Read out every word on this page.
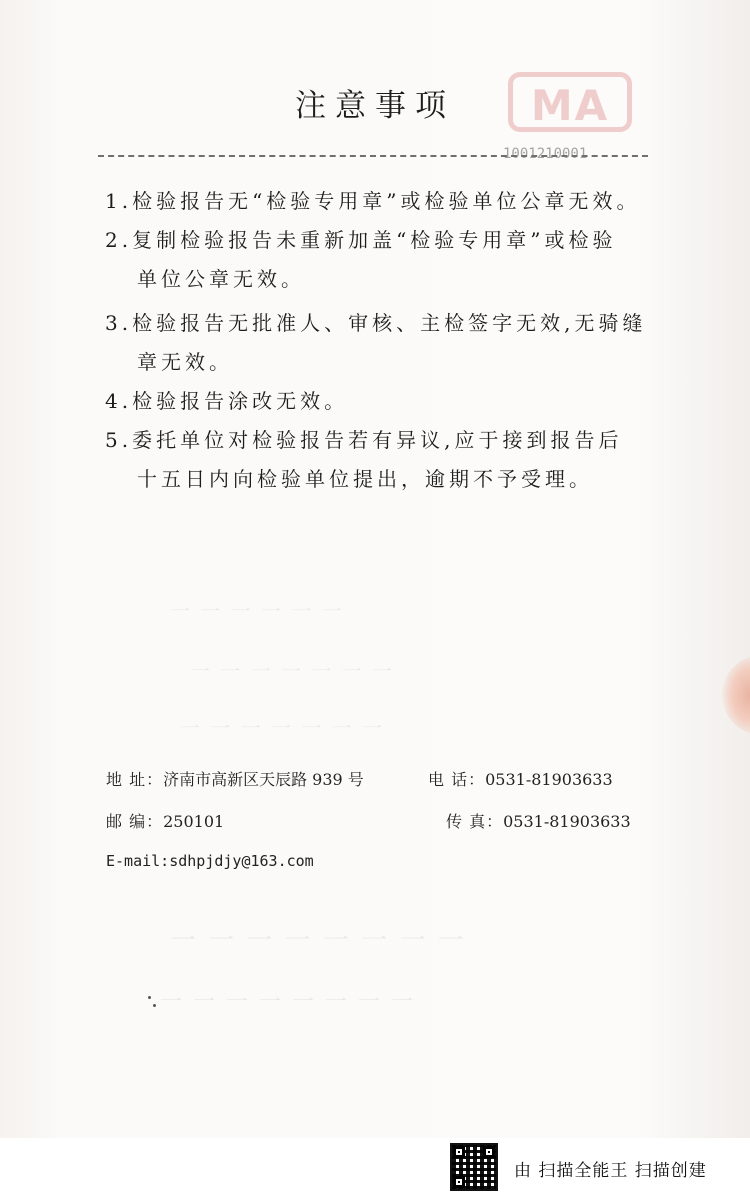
一 一 一 一 一 一
一 一 一 一 一 一 一
一 一 一 一 一 一 一
一 一 一 一 一 一 一 一
一 一 一 一 一 一 一 一
MA
1001210001
注意事项
1.检验报告无“检验专用章”或检验单位公章无效。
2.复制检验报告未重新加盖“检验专用章”或检验
单位公章无效。
3.检验报告无批准人、审核、主检签字无效,无骑缝
章无效。
4.检验报告涂改无效。
5.委托单位对检验报告若有异议,应于接到报告后
十五日内向检验单位提出，逾期不予受理。
地 址：济南市高新区天辰路 939 号	电 话：0531-81903633
邮 编：250101	传 真：0531-81903633
E-mail:sdhpjdjy@163.com
由 扫描全能王 扫描创建
